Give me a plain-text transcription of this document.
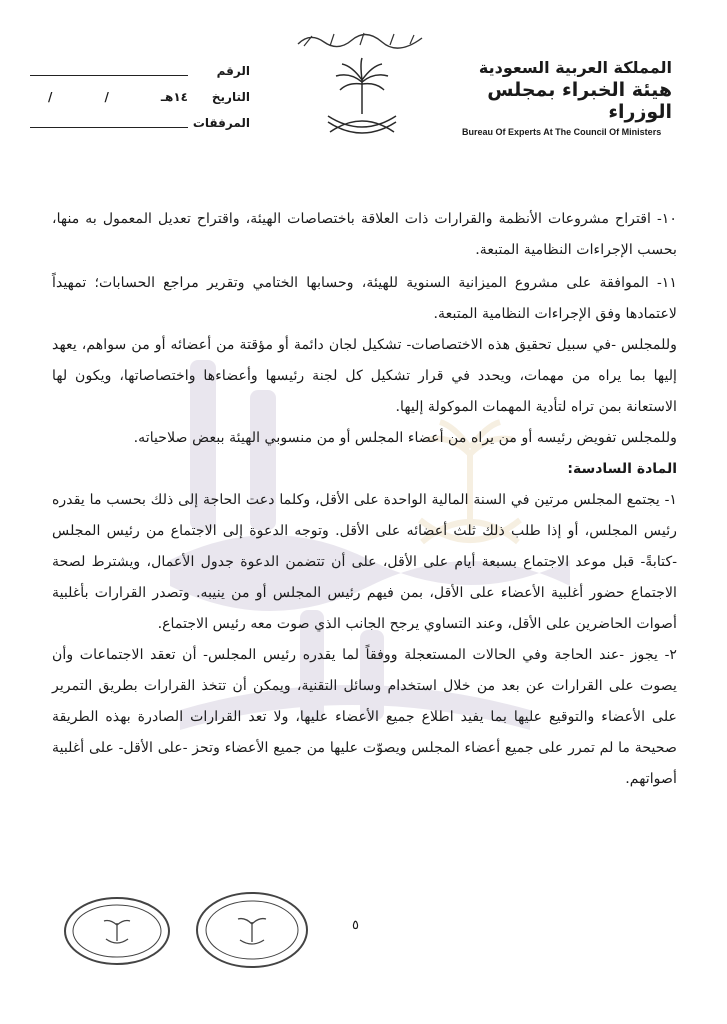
الرقم
التاريخ
١٤هـ
/
/
المرفقات
المملكة العربية السعودية
هيئة الخبراء بمجلس الوزراء
Bureau Of Experts At The Council Of Ministers

١٠- اقتراح مشروعات الأنظمة والقرارات ذات العلاقة باختصاصات الهيئة، واقتراح تعديل المعمول به منها، بحسب الإجراءات النظامية المتبعة.

١١- الموافقة على مشروع الميزانية السنوية للهيئة، وحسابها الختامي وتقرير مراجع الحسابات؛ تمهيداً لاعتمادها وفق الإجراءات النظامية المتبعة.

وللمجلس -في سبيل تحقيق هذه الاختصاصات- تشكيل لجان دائمة أو مؤقتة من أعضائه أو من سواهم، يعهد إليها بما يراه من مهمات، ويحدد في قرار تشكيل كل لجنة رئيسها وأعضاءها واختصاصاتها، ويكون لها الاستعانة بمن تراه لتأدية المهمات الموكولة إليها.

وللمجلس تفويض رئيسه أو من يراه من أعضاء المجلس أو من منسوبي الهيئة ببعض صلاحياته.

المادة السادسة:

١- يجتمع المجلس مرتين في السنة المالية الواحدة على الأقل، وكلما دعت الحاجة إلى ذلك بحسب ما يقدره رئيس المجلس، أو إذا طلب ذلك ثلث أعضائه على الأقل. وتوجه الدعوة إلى الاجتماع من رئيس المجلس -كتابةً- قبل موعد الاجتماع بسبعة أيام على الأقل، على أن تتضمن الدعوة جدول الأعمال، ويشترط لصحة الاجتماع حضور أغلبية الأعضاء على الأقل، بمن فيهم رئيس المجلس أو من ينيبه. وتصدر القرارات بأغلبية أصوات الحاضرين على الأقل، وعند التساوي يرجح الجانب الذي صوت معه رئيس الاجتماع.

٢- يجوز -عند الحاجة وفي الحالات المستعجلة ووفقاً لما يقدره رئيس المجلس- أن تعقد الاجتماعات وأن يصوت على القرارات عن بعد من خلال استخدام وسائل التقنية، ويمكن أن تتخذ القرارات بطريق التمرير على الأعضاء والتوقيع عليها بما يفيد اطلاع جميع الأعضاء عليها، ولا تعد القرارات الصادرة بهذه الطريقة صحيحة ما لم تمرر على جميع أعضاء المجلس ويصوّت عليها من جميع الأعضاء وتحز -على الأقل- على أغلبية أصواتهم.

٥
